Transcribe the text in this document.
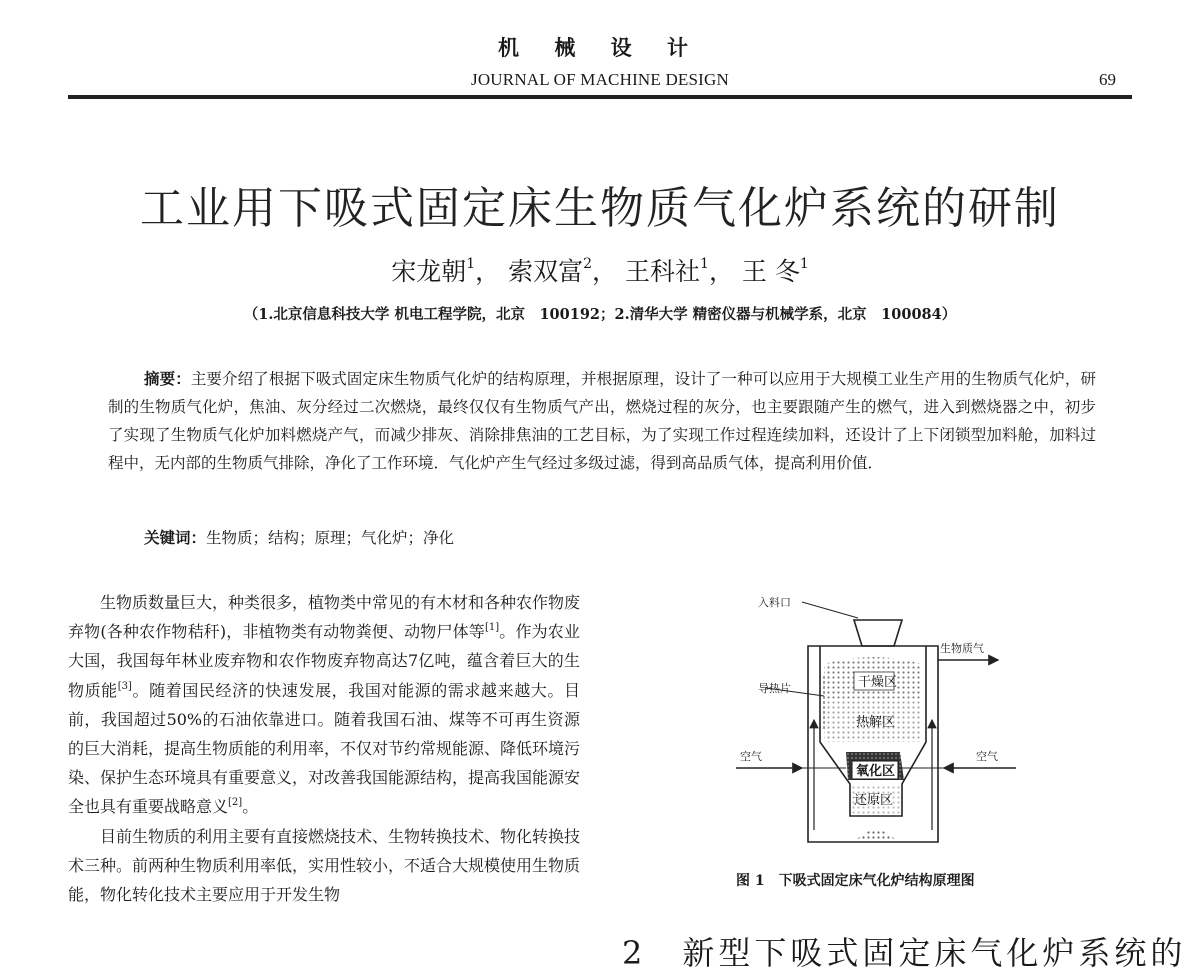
机 械 设 计
JOURNAL OF MACHINE DESIGN	69
工业用下吸式固定床生物质气化炉系统的研制
宋龙朝$^1$， 索双富$^2$， 王科社$^1$， 王 冬$^1$
（1.北京信息科技大学 机电工程学院，北京　100192；2.清华大学 精密仪器与机械学系，北京　100084）
摘要：主要介绍了根据下吸式固定床生物质气化炉的结构原理，并根据原理，设计了一种可以应用于大规模工业生产用的生物质气化炉，研制的生物质气化炉，焦油、灰分经过二次燃烧，最终仅仅有生物质气产出，燃烧过程的灰分，也主要跟随产生的燃气，进入到燃烧器之中，初步了实现了生物质气化炉加料燃烧产气，而减少排灰、消除排焦油的工艺目标，为了实现工作过程连续加料，还设计了上下闭锁型加料舱，加料过程中，无内部的生物质气排除，净化了工作环境．气化炉产生气经过多级过滤，得到高品质气体，提高利用价值．
关键词：生物质；结构；原理；气化炉；净化

生物质数量巨大，种类很多，植物类中常见的有木材和各种农作物废弃物(各种农作物秸秆)，非植物类有动物粪便、动物尸体等[1]。作为农业大国，我国每年林业废弃物和农作物废弃物高达7亿吨，蕴含着巨大的生物质能[3]。随着国民经济的快速发展，我国对能源的需求越来越大。目前，我国超过50%的石油依靠进口。随着我国石油、煤等不可再生资源的巨大消耗，提高生物质能的利用率，不仅对节约常规能源、降低环境污染、保护生态环境具有重要意义，对改善我国能源结构，提高我国能源安全也具有重要战略意义[2]。

目前生物质的利用主要有直接燃烧技术、生物转换技术、物化转换技术三种。前两种生物质利用率低，实用性较小，不适合大规模使用生物质能，物化转化技术主要应用于开发生物

干燥区
热解区
氧化区
还原区
入料口
生物质气
导热片
空气	空气
图 1　下吸式固定床气化炉结构原理图
2　新型下吸式固定床气化炉系统的
